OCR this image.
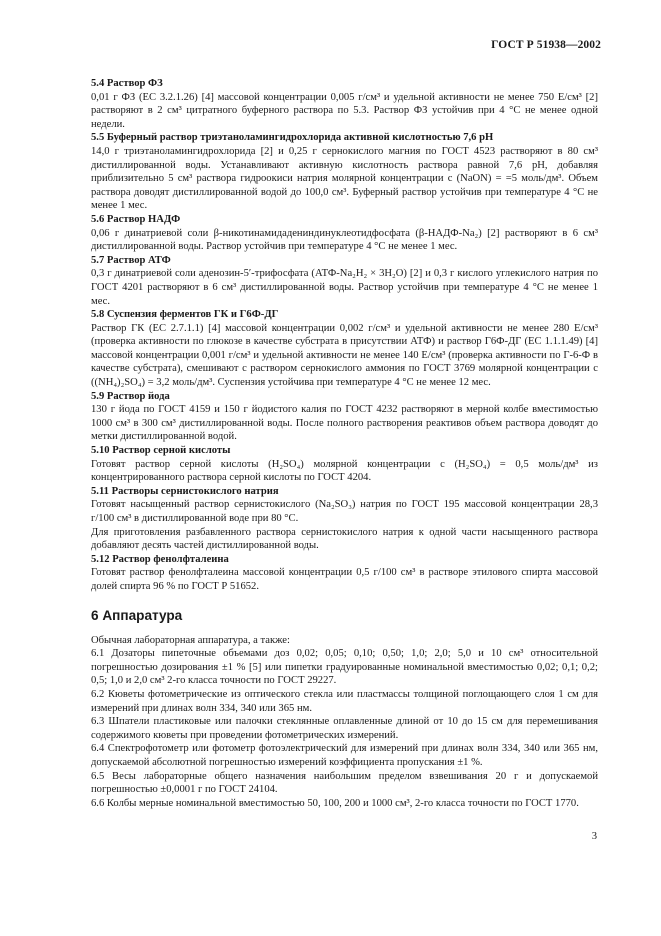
ГОСТ Р 51938—2002
5.4 Раствор ФЗ

0,01 г ФЗ (ЕС 3.2.1.26) [4] массовой концентрации 0,005 г/см³ и удельной активности не менее 750 Е/см³ [2] растворяют в 2 см³ цитратного буферного раствора по 5.3. Раствор ФЗ устойчив при 4 °С не менее одной недели.

5.5 Буферный раствор триэтаноламингидрохлорида активной кислотностью 7,6 рН

14,0 г триэтаноламингидрохлорида [2] и 0,25 г сернокислого магния по ГОСТ 4523 растворяют в 80 см³ дистиллированной воды. Устанавливают активную кислотность раствора равной 7,6 рН, добавляя приблизительно 5 см³ раствора гидроокиси натрия молярной концентрации c (NaON) = =5 моль/дм³. Объем раствора доводят дистиллированной водой до 100,0 см³. Буферный раствор устойчив при температуре 4 °С не менее 1 мес.

5.6 Раствор НАДФ

0,06 г динатриевой соли β-никотинамидадениндинуклеотидфосфата (β-НАДФ-Na₂) [2] растворяют в 6 см³ дистиллированной воды. Раствор устойчив при температуре 4 °С не менее 1 мес.

5.7 Раствор АТФ

0,3 г динатриевой соли аденозин-5′-трифосфата (АТФ-Na₂H₂ × 3H₂O) [2] и 0,3 г кислого углекислого натрия по ГОСТ 4201 растворяют в 6 см³ дистиллированной воды. Раствор устойчив при температуре 4 °С не менее 1 мес.

5.8 Суспензия ферментов ГК и Г6Ф-ДГ

Раствор ГК (ЕС 2.7.1.1) [4] массовой концентрации 0,002 г/см³ и удельной активности не менее 280 Е/см³ (проверка активности по глюкозе в качестве субстрата в присутствии АТФ) и раствор Г6Ф-ДГ (ЕС 1.1.1.49) [4] массовой концентрации 0,001 г/см³ и удельной активности не менее 140 Е/см³ (проверка активности по Г-6-Ф в качестве субстрата), смешивают с раствором сернокислого аммония по ГОСТ 3769 молярной концентрации c ((NH₄)₂SO₄) = 3,2 моль/дм³. Суспензия устойчива при температуре 4 °С не менее 12 мес.

5.9 Раствор йода

130 г йода по ГОСТ 4159 и 150 г йодистого калия по ГОСТ 4232 растворяют в мерной колбе вместимостью 1000 см³ в 300 см³ дистиллированной воды. После полного растворения реактивов объем раствора доводят до метки дистиллированной водой.

5.10 Раствор серной кислоты

Готовят раствор серной кислоты (H₂SO₄) молярной концентрации c (H₂SO₄) = 0,5 моль/дм³ из концентрированного раствора серной кислоты по ГОСТ 4204.

5.11 Растворы сернистокислого натрия

Готовят насыщенный раствор сернистокислого (Na₂SO₃) натрия по ГОСТ 195 массовой концентрации 28,3 г/100 см³ в дистиллированной воде при 80 °С.

Для приготовления разбавленного раствора сернистокислого натрия к одной части насыщенного раствора добавляют десять частей дистиллированной воды.

5.12 Раствор фенолфталеина

Готовят раствор фенолфталеина массовой концентрации 0,5 г/100 см³ в растворе этилового спирта массовой долей спирта 96 % по ГОСТ Р 51652.

6 Аппаратура

Обычная лабораторная аппаратура, а также:

6.1 Дозаторы пипеточные объемами доз 0,02; 0,05; 0,10; 0,50; 1,0; 2,0; 5,0 и 10 см³ относительной погрешностью дозирования ±1 % [5] или пипетки градуированные номинальной вместимостью 0,02; 0,1; 0,2; 0,5; 1,0 и 2,0 см³ 2-го класса точности по ГОСТ 29227.

6.2 Кюветы фотометрические из оптического стекла или пластмассы толщиной поглощающего слоя 1 см для измерений при длинах волн 334, 340 или 365 нм.

6.3 Шпатели пластиковые или палочки стеклянные оплавленные длиной от 10 до 15 см для перемешивания содержимого кюветы при проведении фотометрических измерений.

6.4 Спектрофотометр или фотометр фотоэлектрический для измерений при длинах волн 334, 340 или 365 нм, допускаемой абсолютной погрешностью измерений коэффициента пропускания ±1 %.

6.5 Весы лабораторные общего назначения наибольшим пределом взвешивания 20 г и допускаемой погрешностью ±0,0001 г по ГОСТ 24104.

6.6 Колбы мерные номинальной вместимостью 50, 100, 200 и 1000 см³, 2-го класса точности по ГОСТ 1770.

3
